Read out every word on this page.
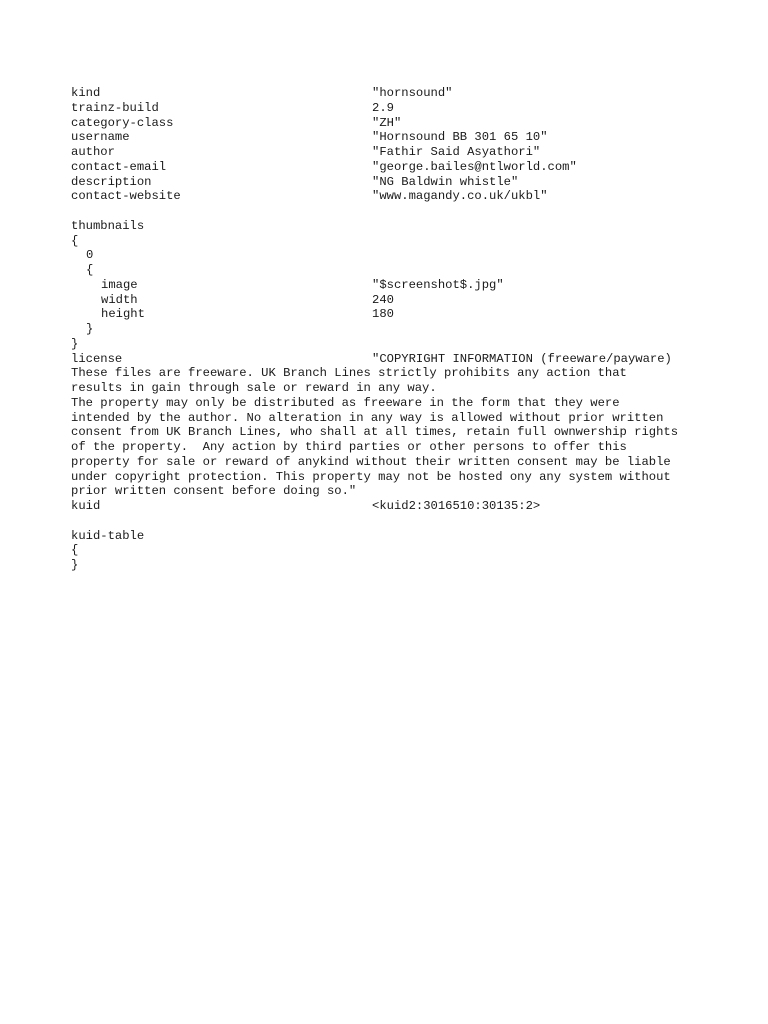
kind	"hornsound"
trainz-build	2.9
category-class	"ZH"
username	"Hornsound BB 301 65 10"
author	"Fathir Said Asyathori"
contact-email	"george.bailes@ntlworld.com"
description	"NG Baldwin whistle"
contact-website	"www.magandy.co.uk/ukbl"
thumbnails
{
0
{
image	"$screenshot$.jpg"
width	240
height	180
}
}
license	"COPYRIGHT INFORMATION (freeware/payware)
These files are freeware. UK Branch Lines strictly prohibits any action that
results in gain through sale or reward in any way.
The property may only be distributed as freeware in the form that they were
intended by the author. No alteration in any way is allowed without prior written
consent from UK Branch Lines, who shall at all times, retain full ownwership rights
of the property.  Any action by third parties or other persons to offer this
property for sale or reward of anykind without their written consent may be liable
under copyright protection. This property may not be hosted ony any system without
prior written consent before doing so."
kuid	<kuid2:3016510:30135:2>
kuid-table
{
}
